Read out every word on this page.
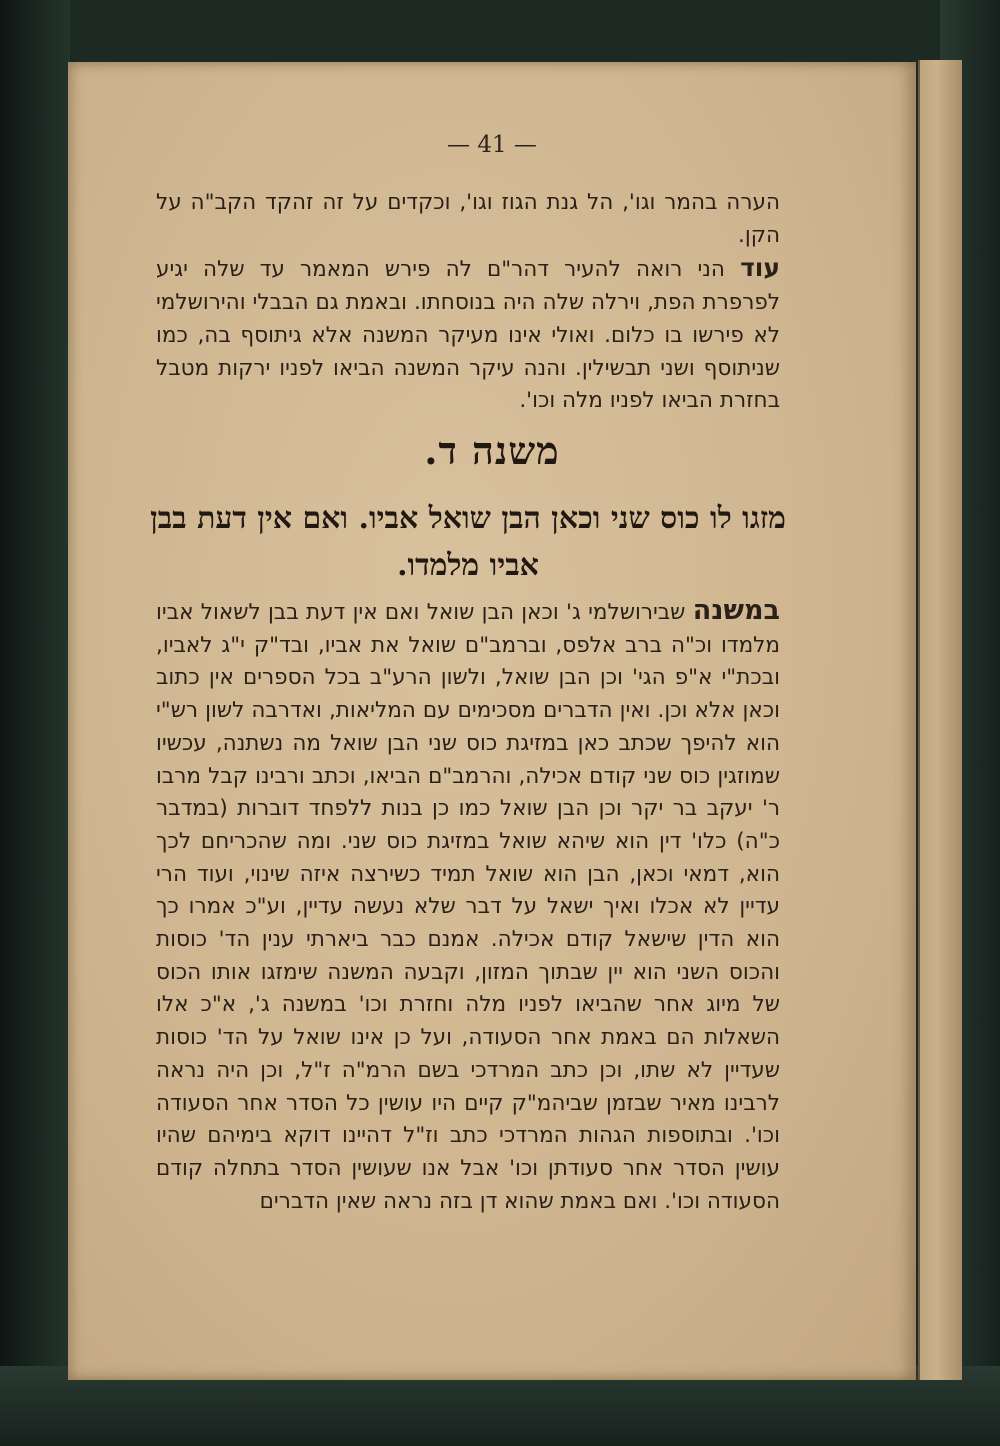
— 41 —

הערה בהמר וגו', הל גנת הגוז וגו', וכקדים על זה זהקד הקב"ה על הקן.

עוד הני רואה להעיר דהר"ם לה פירש המאמר עד שלה יגיע לפרפרת הפת, וירלה שלה היה בנוסחתו. ובאמת גם הבבלי והירושלמי לא פירשו בו כלום. ואולי אינו מעיקר המשנה אלא גיתוסף בה, כמו שניתוסף ושני תבשילין. והנה עיקר המשנה הביאו לפניו ירקות מטבל בחזרת הביאו לפניו מלה וכו'.

משנה ד.
מזגו לו כוס שני וכאן הבן שואל אביו. ואם אין דעת בבן אביו מלמדו.

במשנה שבירושלמי ג' וכאן הבן שואל ואם אין דעת בבן לשאול אביו מלמדו וכ"ה ברב אלפס, וברמב"ם שואל את אביו, ובד"ק י"ג לאביו, ובכת"י א"פ הגי' וכן הבן שואל, ולשון הרע"ב בכל הספרים אין כתוב וכאן אלא וכן. ואין הדברים מסכימים עם המליאות, ואדרבה לשון רש"י הוא להיפך שכתב כאן במזיגת כוס שני הבן שואל מה נשתנה, עכשיו שמוזגין כוס שני קודם אכילה, והרמב"ם הביאו, וכתב ורבינו קבל מרבו ר' יעקב בר יקר וכן הבן שואל כמו כן בנות ללפחד דוברות (במדבר כ"ה) כלו' דין הוא שיהא שואל במזיגת כוס שני. ומה שהכריחם לכך הוא, דמאי וכאן, הבן הוא שואל תמיד כשירצה איזה שינוי, ועוד הרי עדיין לא אכלו ואיך ישאל על דבר שלא נעשה עדיין, וע"כ אמרו כך הוא הדין שישאל קודם אכילה. אמנם כבר ביארתי ענין הד' כוסות והכוס השני הוא יין שבתוך המזון, וקבעה המשנה שימזגו אותו הכוס של מיוג אחר שהביאו לפניו מלה וחזרת וכו' במשנה ג', א"כ אלו השאלות הם באמת אחר הסעודה, ועל כן אינו שואל על הד' כוסות שעדיין לא שתו, וכן כתב המרדכי בשם הרמ"ה ז"ל, וכן היה נראה לרבינו מאיר שבזמן שביהמ"ק קיים היו עושין כל הסדר אחר הסעודה וכו'. ובתוספות הגהות המרדכי כתב וז"ל דהיינו דוקא בימיהם שהיו עושין הסדר אחר סעודתן וכו' אבל אנו שעושין הסדר בתחלה קודם הסעודה וכו'. ואם באמת שהוא דן בזה נראה שאין הדברים
